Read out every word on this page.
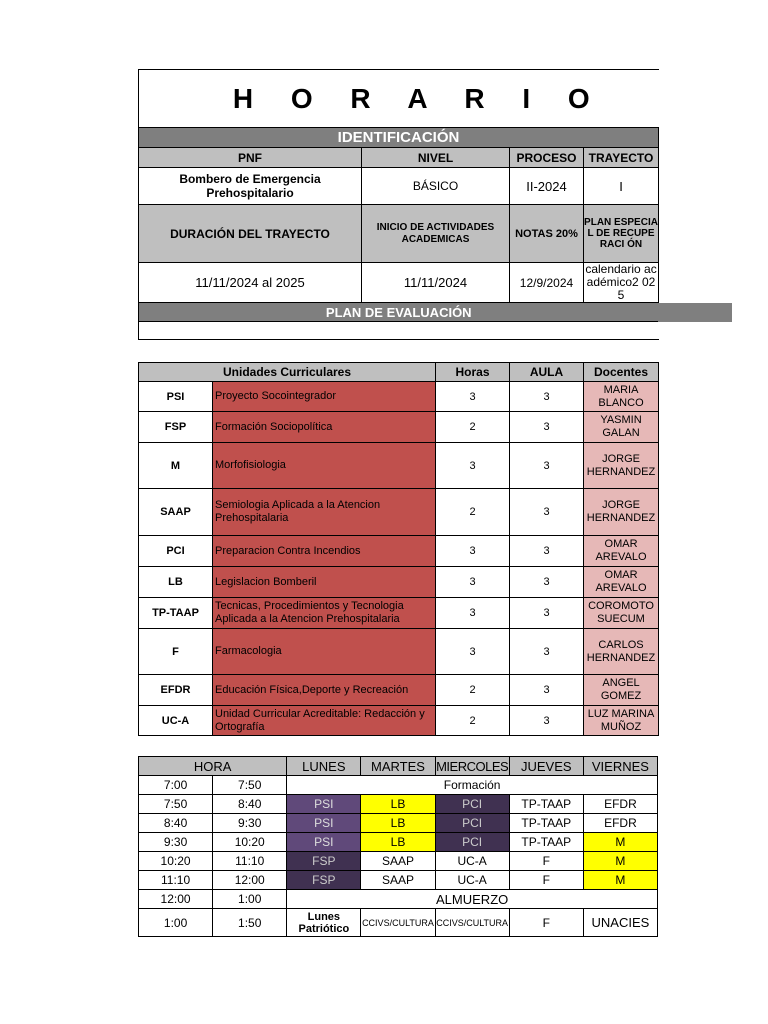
H O R A R I O			
IDENTIFICACIÓN			
PNF	NIVEL	PROCESO	TRAYECTO
Bombero de Emergencia Prehospitalario	BÁSICO	II-2024	I
DURACIÓN DEL TRAYECTO	INICIO DE ACTIVIDADES ACADEMICAS	NOTAS 20%	PLAN ESPECIAL DE RECUPERACI ÓN
11/11/2024 al 2025	11/11/2024	12/9/2024	calendario académico2 025
PLAN DE EVALUACIÓN			

Unidades Curriculares		Horas	AULA	Docentes
PSI	Proyecto Socointegrador	3	3	MARIA BLANCO
FSP	Formación Sociopolítica	2	3	YASMIN GALAN
M	Morfofisiologia	3	3	JORGE HERNANDEZ
SAAP	Semiologia Aplicada a la Atencion Prehospitalaria	2	3	JORGE HERNANDEZ
PCI	Preparacion Contra Incendios	3	3	OMAR AREVALO
LB	Legislacion Bomberil	3	3	OMAR AREVALO
TP-TAAP	Tecnicas, Procedimientos y Tecnologia Aplicada a la Atencion Prehospitalaria	3	3	COROMOTO SUECUM
F	Farmacologia	3	3	CARLOS HERNANDEZ
EFDR	Educación Física,Deporte y Recreación	2	3	ANGEL GOMEZ
UC-A	Unidad Curricular Acreditable: Redacción y Ortografía	2	3	LUZ MARINA MUÑOZ
HORA		LUNES	MARTES	MIERCOLES	JUEVES	VIERNES
7:00	7:50	Formación				
7:50	8:40	PSI	LB	PCI	TP-TAAP	EFDR
8:40	9:30	PSI	LB	PCI	TP-TAAP	EFDR
9:30	10:20	PSI	LB	PCI	TP-TAAP	M
10:20	11:10	FSP	SAAP	UC-A	F	M
11:10	12:00	FSP	SAAP	UC-A	F	M
12:00	1:00	ALMUERZO				
1:00	1:50	Lunes Patriótico	CCIVS/CULTURA	CCIVS/CULTURA	F	UNACIES
